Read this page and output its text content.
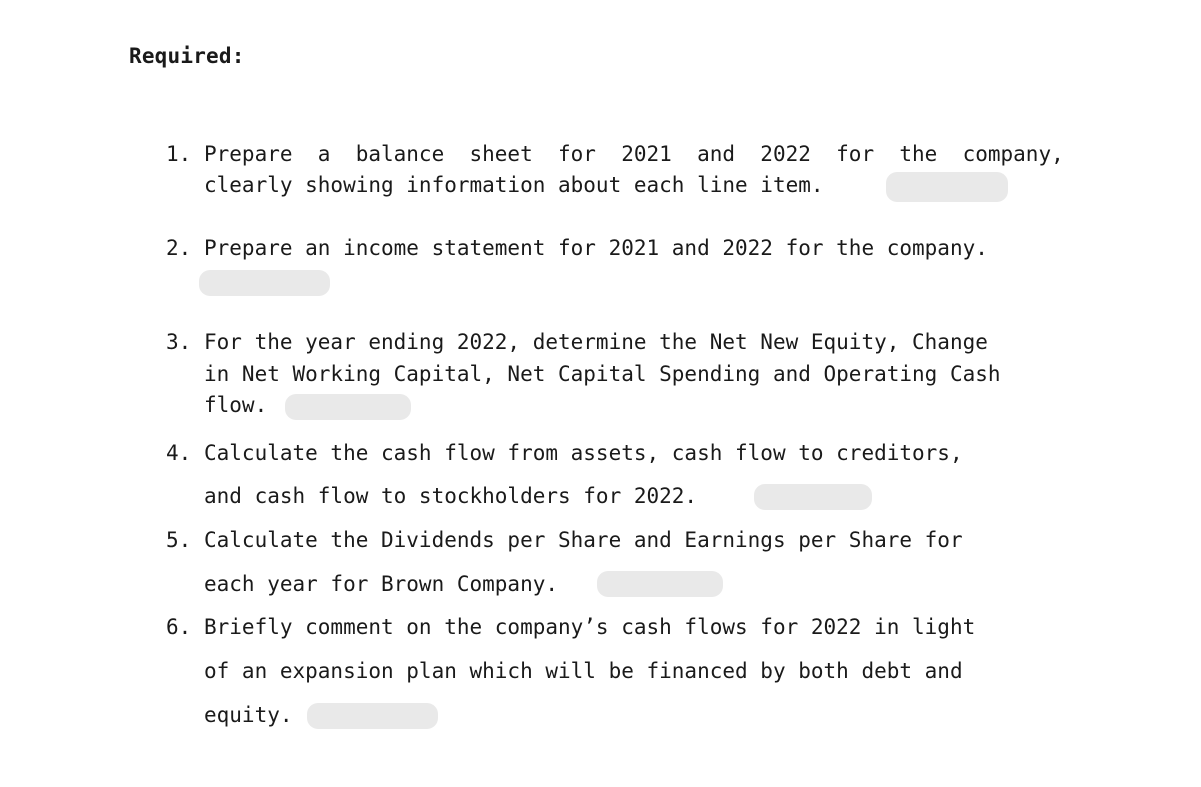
Required:

1.

Prepare  a  balance  sheet  for  2021  and  2022  for  the  company,

clearly showing information about each line item.

2.

Prepare an income statement for 2021 and 2022 for the company.

3.

For the year ending 2022, determine the Net New Equity, Change

in Net Working Capital, Net Capital Spending and Operating Cash

flow.

4.

Calculate the cash flow from assets, cash flow to creditors,

and cash flow to stockholders for 2022.

5.

Calculate the Dividends per Share and Earnings per Share for

each year for Brown Company.

6.

Briefly comment on the company’s cash flows for 2022 in light

of an expansion plan which will be financed by both debt and

equity.
